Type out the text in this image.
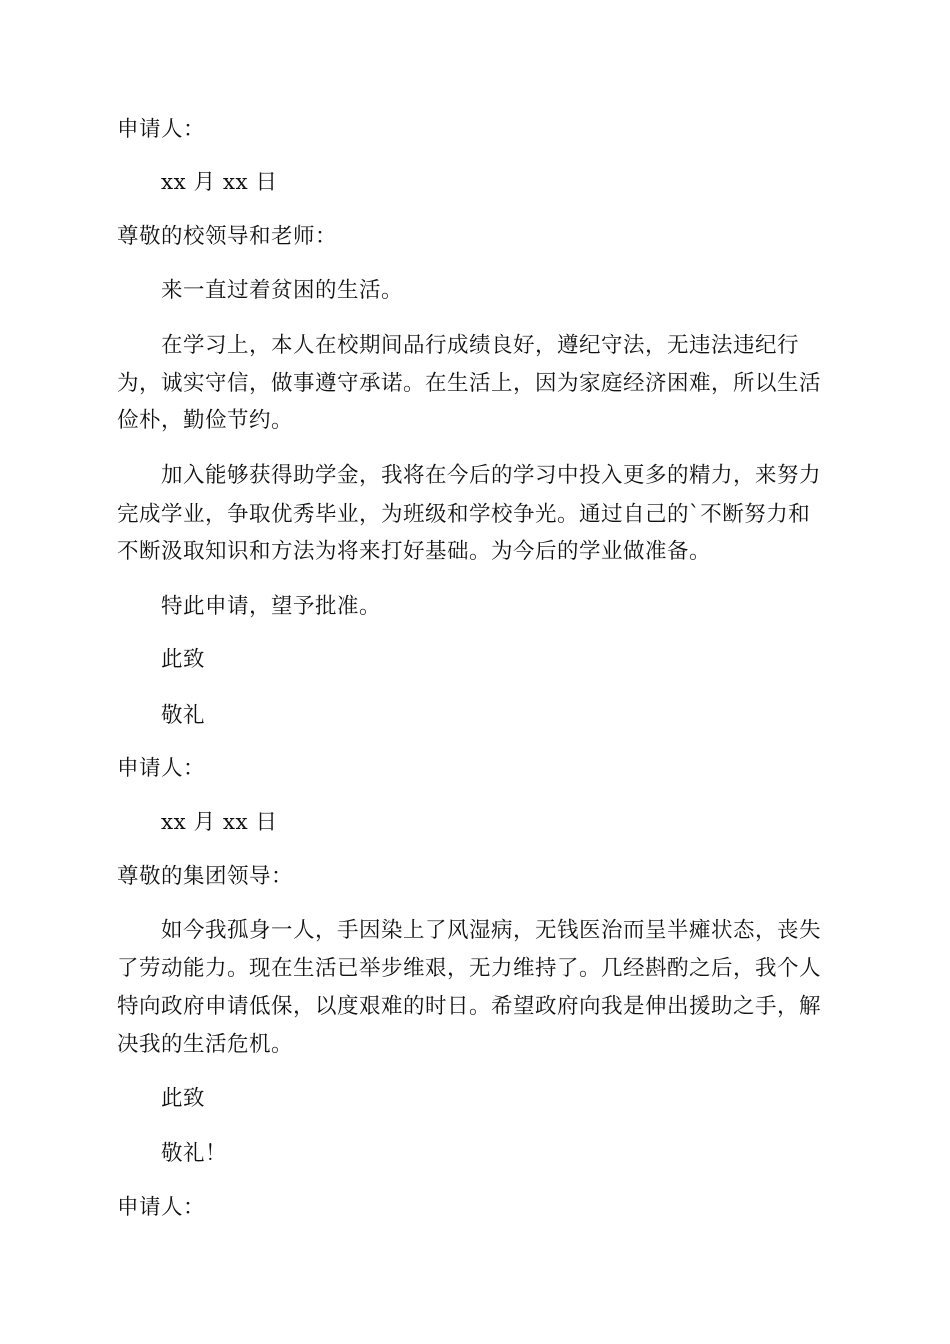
申请人：
xx 月 xx 日
尊敬的校领导和老师：
来一直过着贫困的生活。
在学习上，本人在校期间品行成绩良好，遵纪守法，无违法违纪行
为，诚实守信，做事遵守承诺。在生活上，因为家庭经济困难，所以生活
俭朴，勤俭节约。
加入能够获得助学金，我将在今后的学习中投入更多的精力，来努力
完成学业，争取优秀毕业，为班级和学校争光。通过自己的`不断努力和
不断汲取知识和方法为将来打好基础。为今后的学业做准备。
特此申请，望予批准。
此致
敬礼
申请人：
xx 月 xx 日
尊敬的集团领导：
如今我孤身一人，手因染上了风湿病，无钱医治而呈半瘫状态，丧失
了劳动能力。现在生活已举步维艰，无力维持了。几经斟酌之后，我个人
特向政府申请低保，以度艰难的时日。希望政府向我是伸出援助之手，解
决我的生活危机。
此致
敬礼！
申请人：
